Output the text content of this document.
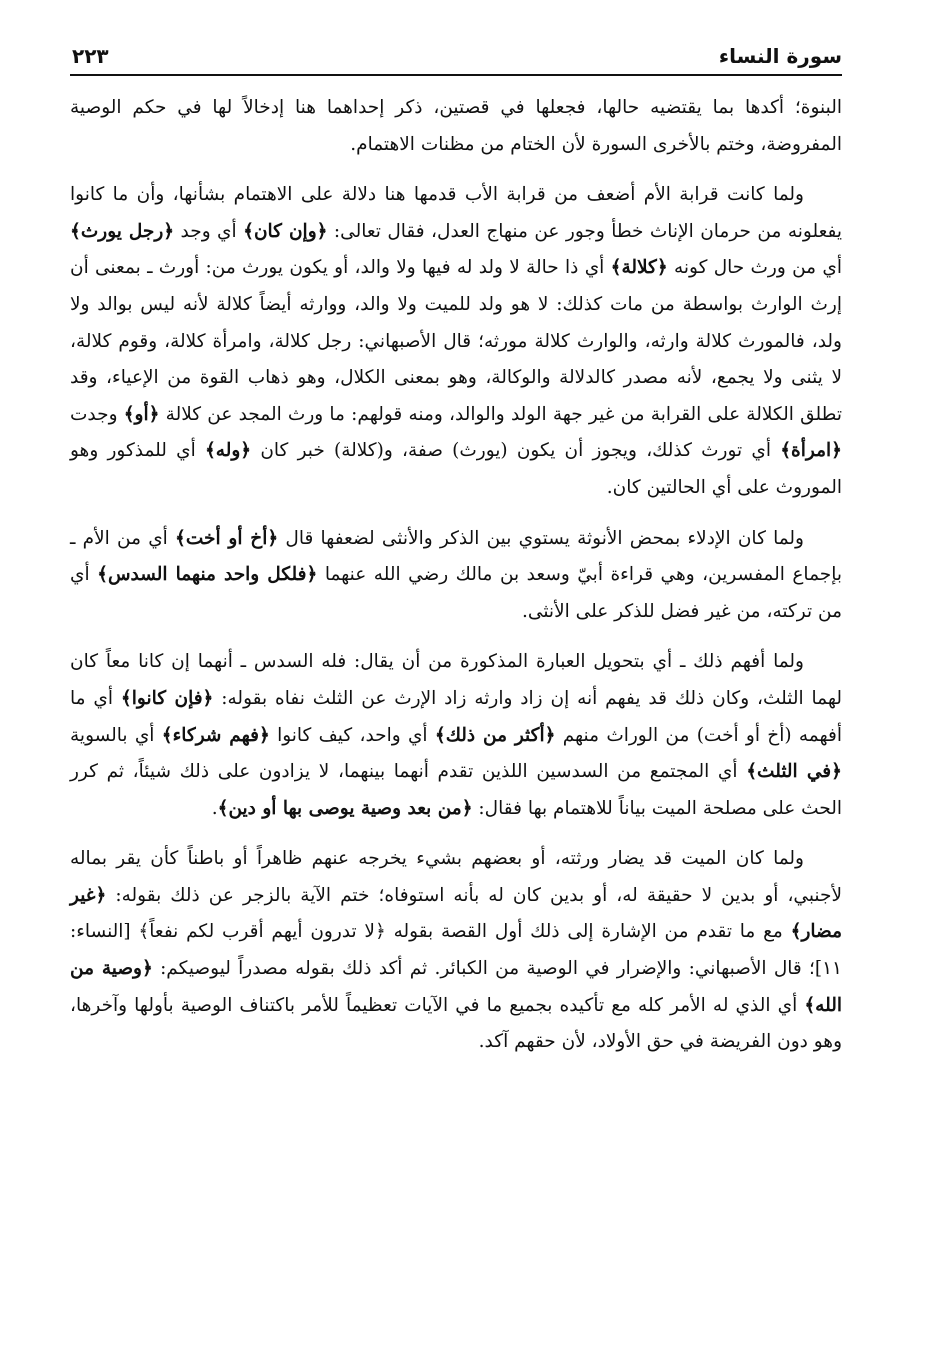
سورة النساء
٢٢٣

البنوة؛ أكدها بما يقتضيه حالها، فجعلها في قصتين، ذكر إحداهما هنا إدخالاً لها في حكم الوصية المفروضة، وختم بالأخرى السورة لأن الختام من مظنات الاهتمام.

ولما كانت قرابة الأم أضعف من قرابة الأب قدمها هنا دلالة على الاهتمام بشأنها، وأن ما كانوا يفعلونه من حرمان الإناث خطأ وجور عن منهاج العدل، فقال تعالى: ﴿وإن كان﴾ أي وجد ﴿رجل يورث﴾ أي من ورث حال كونه ﴿كلالة﴾ أي ذا حالة لا ولد له فيها ولا والد، أو يكون يورث من: أورث ـ بمعنى أن إرث الوارث بواسطة من مات كذلك: لا هو ولد للميت ولا والد، ووارثه أيضاً كلالة لأنه ليس بوالد ولا ولد، فالمورث كلالة وارثه، والوارث كلالة مورثه؛ قال الأصبهاني: رجل كلالة، وامرأة كلالة، وقوم كلالة، لا يثنى ولا يجمع، لأنه مصدر كالدلالة والوكالة، وهو بمعنى الكلال، وهو ذهاب القوة من الإعياء، وقد تطلق الكلالة على القرابة من غير جهة الولد والوالد، ومنه قولهم: ما ورث المجد عن كلالة ﴿أو﴾ وجدت ﴿امرأة﴾ أي تورث كذلك، ويجوز أن يكون (يورث) صفة، و(كلالة) خبر كان ﴿وله﴾ أي للمذكور وهو الموروث على أي الحالتين كان.

ولما كان الإدلاء بمحض الأنوثة يستوي بين الذكر والأنثى لضعفها قال ﴿أخ أو أخت﴾ أي من الأم ـ بإجماع المفسرين، وهي قراءة أبيّ وسعد بن مالك رضي الله عنهما ﴿فلكل واحد منهما السدس﴾ أي من تركته، من غير فضل للذكر على الأنثى.

ولما أفهم ذلك ـ أي بتحويل العبارة المذكورة من أن يقال: فله السدس ـ أنهما إن كانا معاً كان لهما الثلث، وكان ذلك قد يفهم أنه إن زاد وارثه زاد الإرث عن الثلث نفاه بقوله: ﴿فإن كانوا﴾ أي ما أفهمه (أخ أو أخت) من الوراث منهم ﴿أكثر من ذلك﴾ أي واحد، كيف كانوا ﴿فهم شركاء﴾ أي بالسوية ﴿في الثلث﴾ أي المجتمع من السدسين اللذين تقدم أنهما بينهما، لا يزادون على ذلك شيئاً، ثم كرر الحث على مصلحة الميت بياناً للاهتمام بها فقال: ﴿من بعد وصية يوصى بها أو دين﴾.

ولما كان الميت قد يضار ورثته، أو بعضهم بشيء يخرجه عنهم ظاهراً أو باطناً كأن يقر بماله لأجنبي، أو بدين لا حقيقة له، أو بدين كان له بأنه استوفاه؛ ختم الآية بالزجر عن ذلك بقوله: ﴿غير مضار﴾ مع ما تقدم من الإشارة إلى ذلك أول القصة بقوله ﴿لا تدرون أيهم أقرب لكم نفعاً﴾ [النساء: ١١]؛ قال الأصبهاني: والإضرار في الوصية من الكبائر. ثم أكد ذلك بقوله مصدراً ليوصيكم: ﴿وصية من الله﴾ أي الذي له الأمر كله مع تأكيده بجميع ما في الآيات تعظيماً للأمر باكتناف الوصية بأولها وآخرها، وهو دون الفريضة في حق الأولاد، لأن حقهم آكد.
